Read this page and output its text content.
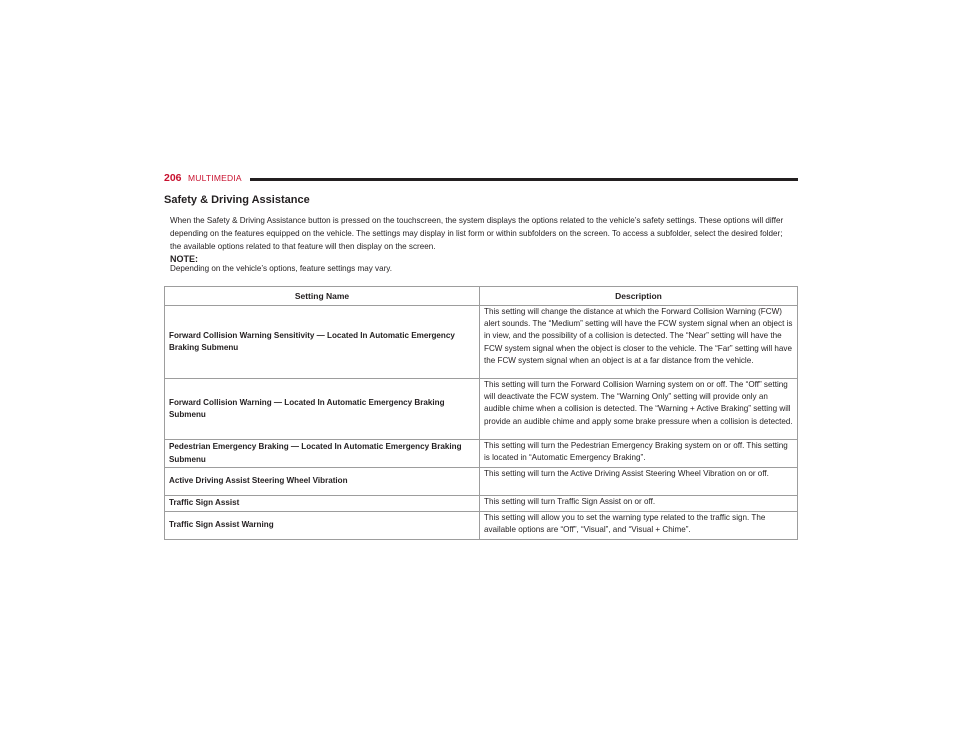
206 MULTIMEDIA
Safety & Driving Assistance

When the Safety & Driving Assistance button is pressed on the touchscreen, the system displays the options related to the vehicle’s safety settings. These options will differ depending on the features equipped on the vehicle. The settings may display in list form or within subfolders on the screen. To access a subfolder, select the desired folder; the available options related to that feature will then display on the screen.

NOTE:
Depending on the vehicle’s options, feature settings may vary.
Setting Name	Description
Forward Collision Warning Sensitivity — Located In Automatic Emergency Braking Submenu	This setting will change the distance at which the Forward Collision Warning (FCW) alert sounds. The “Medium” setting will have the FCW system signal when an object is in view, and the possibility of a collision is detected. The “Near” setting will have the FCW system signal when the object is closer to the vehicle. The “Far” setting will have the FCW system signal when an object is at a far distance from the vehicle.
Forward Collision Warning — Located In Automatic Emergency Braking Submenu	This setting will turn the Forward Collision Warning system on or off. The “Off” setting will deactivate the FCW system. The “Warning Only” setting will provide only an audible chime when a collision is detected. The “Warning + Active Braking” setting will provide an audible chime and apply some brake pressure when a collision is detected.
Pedestrian Emergency Braking — Located In Automatic Emergency Braking Submenu	This setting will turn the Pedestrian Emergency Braking system on or off. This setting is located in “Automatic Emergency Braking”.
Active Driving Assist Steering Wheel Vibration	This setting will turn the Active Driving Assist Steering Wheel Vibration on or off.
Traffic Sign Assist	This setting will turn Traffic Sign Assist on or off.
Traffic Sign Assist Warning	This setting will allow you to set the warning type related to the traffic sign. The available options are “Off”, “Visual”, and “Visual + Chime”.
